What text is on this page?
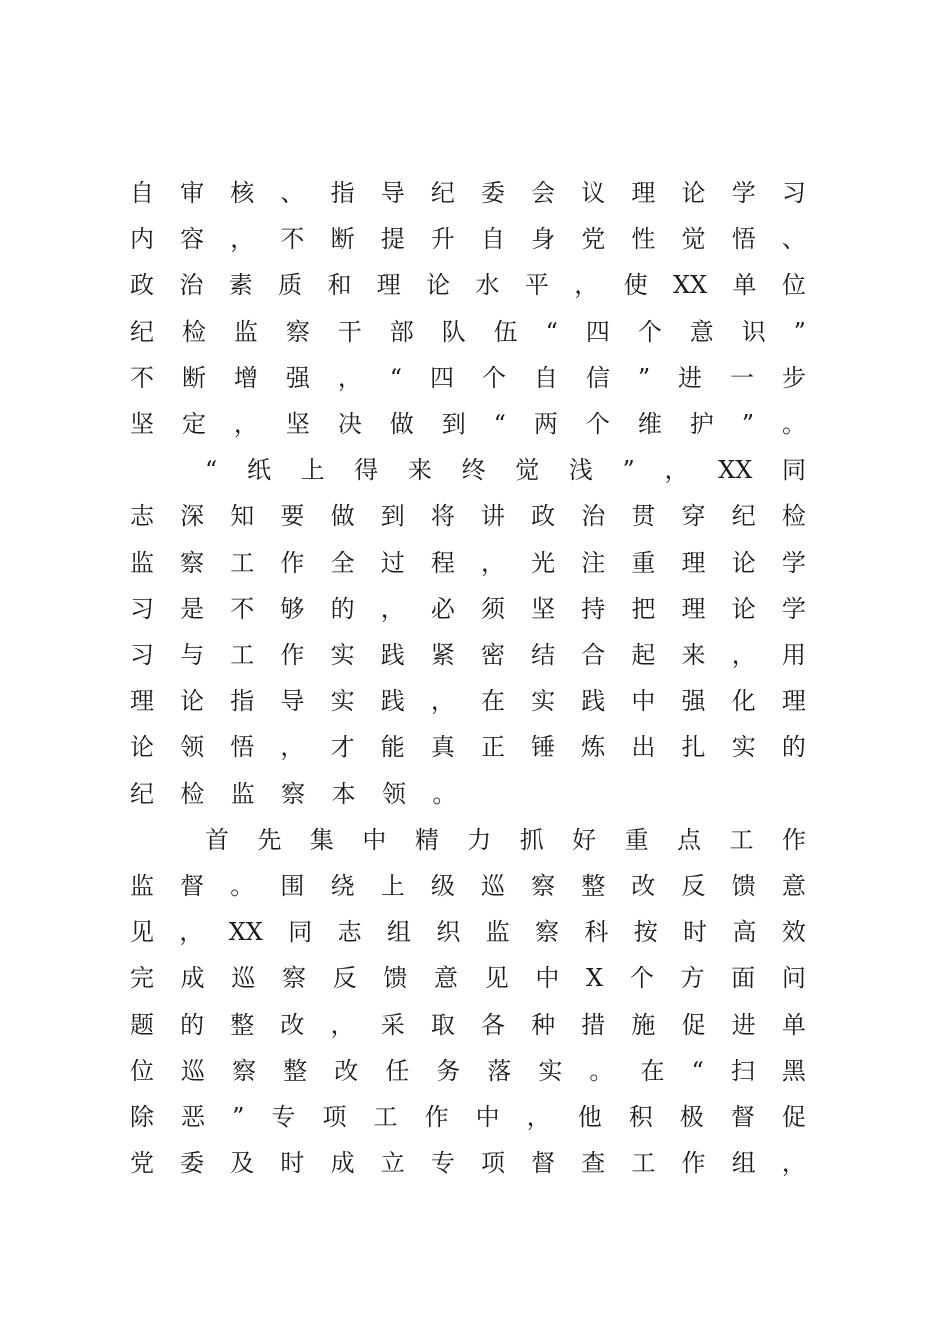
自 审 核 、 指 导 纪 委 会 议 理 论 学 习
内 容 ， 不 断 提 升 自 身 党 性 觉 悟 、
政 治 素 质 和 理 论 水 平 ， 使 XX 单 位
纪 检 监 察 干 部 队 伍 “ 四 个 意 识 ”
不 断 增 强 ， “ 四 个 自 信 ” 进 一 步
坚 定 ， 坚 决 做 到 “ 两 个 维 护 ” 。
“ 纸 上 得 来 终 觉 浅 ” ， XX 同
志 深 知 要 做 到 将 讲 政 治 贯 穿 纪 检
监 察 工 作 全 过 程 ， 光 注 重 理 论 学
习 是 不 够 的 ， 必 须 坚 持 把 理 论 学
习 与 工 作 实 践 紧 密 结 合 起 来 ， 用
理 论 指 导 实 践 ， 在 实 践 中 强 化 理
论 领 悟 ， 才 能 真 正 锤 炼 出 扎 实 的
纪 检 监 察 本 领 。
首 先 集 中 精 力 抓 好 重 点 工 作
监 督 。 围 绕 上 级 巡 察 整 改 反 馈 意
见 ， XX 同 志 组 织 监 察 科 按 时 高 效
完 成 巡 察 反 馈 意 见 中 X 个 方 面 问
题 的 整 改 ， 采 取 各 种 措 施 促 进 单
位 巡 察 整 改 任 务 落 实 。 在 “ 扫 黑
除 恶 ” 专 项 工 作 中 ， 他 积 极 督 促
党 委 及 时 成 立 专 项 督 查 工 作 组 ，
